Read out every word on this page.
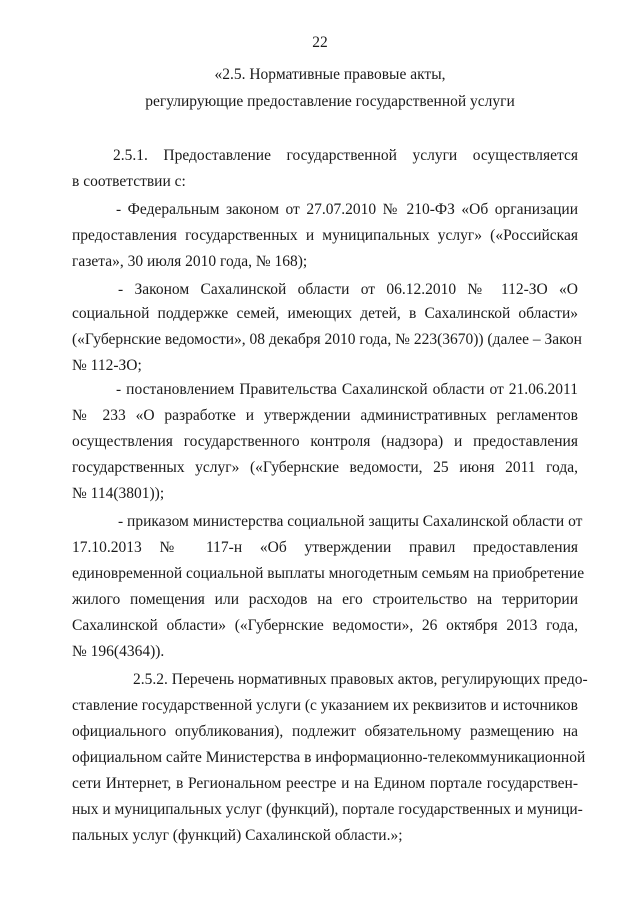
22
«2.5. Нормативные правовые акты,
регулирующие предоставление государственной услуги
2.5.1. Предоставление государственной услуги осуществляется
в соответствии с:
- Федеральным законом от 27.07.2010 № 210-ФЗ «Об организации
предоставления государственных и муниципальных услуг» («Российская
газета», 30 июля 2010 года, № 168);
- Законом Сахалинской области от 06.12.2010 № 112-ЗО «О
социальной поддержке семей, имеющих детей, в Сахалинской области»
(«Губернские ведомости», 08 декабря 2010 года, № 223(3670)) (далее – Закон
№ 112-ЗО;
- постановлением Правительства Сахалинской области от 21.06.2011
№ 233 «О разработке и утверждении административных регламентов
осуществления государственного контроля (надзора) и предоставления
государственных услуг» («Губернские ведомости, 25 июня 2011 года,
№ 114(3801));
- приказом министерства социальной защиты Сахалинской области от
17.10.2013 № 117-н «Об утверждении правил предоставления
единовременной социальной выплаты многодетным семьям на приобретение
жилого помещения или расходов на его строительство на территории
Сахалинской области» («Губернские ведомости», 26 октября 2013 года,
№ 196(4364)).
2.5.2. Перечень нормативных правовых актов, регулирующих предо-
ставление государственной услуги (с указанием их реквизитов и источников
официального опубликования), подлежит обязательному размещению на
официальном сайте Министерства в информационно-телекоммуникационной
сети Интернет, в Региональном реестре и на Едином портале государствен-
ных и муниципальных услуг (функций), портале государственных и муници-
пальных услуг (функций) Сахалинской области.»;
